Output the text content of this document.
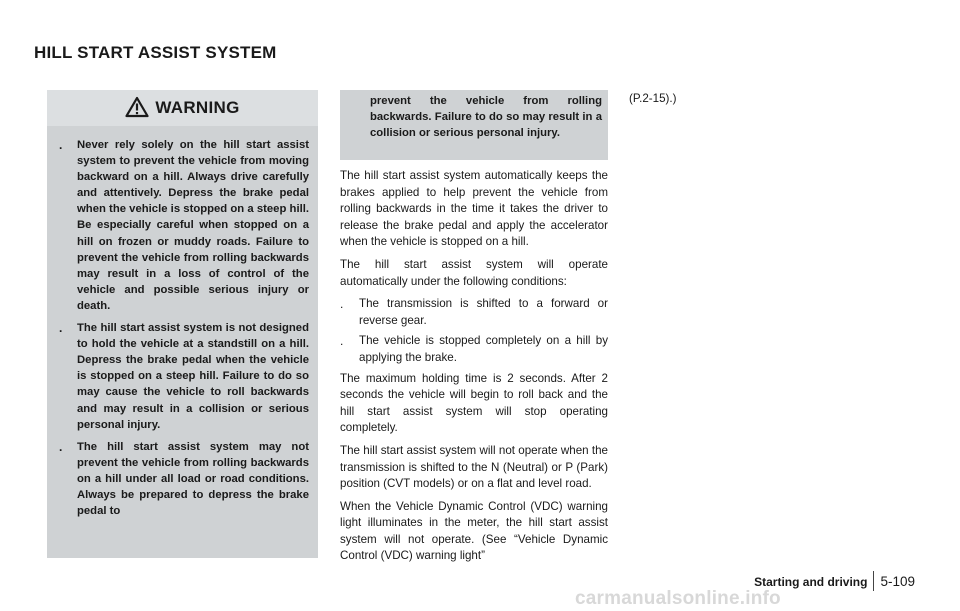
HILL START ASSIST SYSTEM
WARNING
.	Never rely solely on the hill start assist system to prevent the vehicle from moving backward on a hill. Always drive carefully and attentively. Depress the brake pedal when the vehicle is stopped on a steep hill. Be especially careful when stopped on a hill on frozen or muddy roads. Failure to prevent the vehicle from rolling backwards may result in a loss of control of the vehicle and possible serious injury or death.

.	The hill start assist system is not designed to hold the vehicle at a standstill on a hill. Depress the brake pedal when the vehicle is stopped on a steep hill. Failure to do so may cause the vehicle to roll backwards and may result in a collision or serious personal injury.

.	The hill start assist system may not prevent the vehicle from rolling backwards on a hill under all load or road conditions. Always be prepared to depress the brake pedal to

prevent the vehicle from rolling backwards. Failure to do so may result in a collision or serious personal injury.

The hill start assist system automatically keeps the brakes applied to help prevent the vehicle from rolling backwards in the time it takes the driver to release the brake pedal and apply the accelerator when the vehicle is stopped on a hill.

The hill start assist system will operate automatically under the following conditions:

.	The transmission is shifted to a forward or reverse gear.

.	The vehicle is stopped completely on a hill by applying the brake.

The maximum holding time is 2 seconds. After 2 seconds the vehicle will begin to roll back and the hill start assist system will stop operating completely.

The hill start assist system will not operate when the transmission is shifted to the N (Neutral) or P (Park) position (CVT models) or on a flat and level road.

When the Vehicle Dynamic Control (VDC) warning light illuminates in the meter, the hill start assist system will not operate. (See “Vehicle Dynamic Control (VDC) warning light”

(P.2-15).)

Starting and driving 5-109
carmanualsonline.info
